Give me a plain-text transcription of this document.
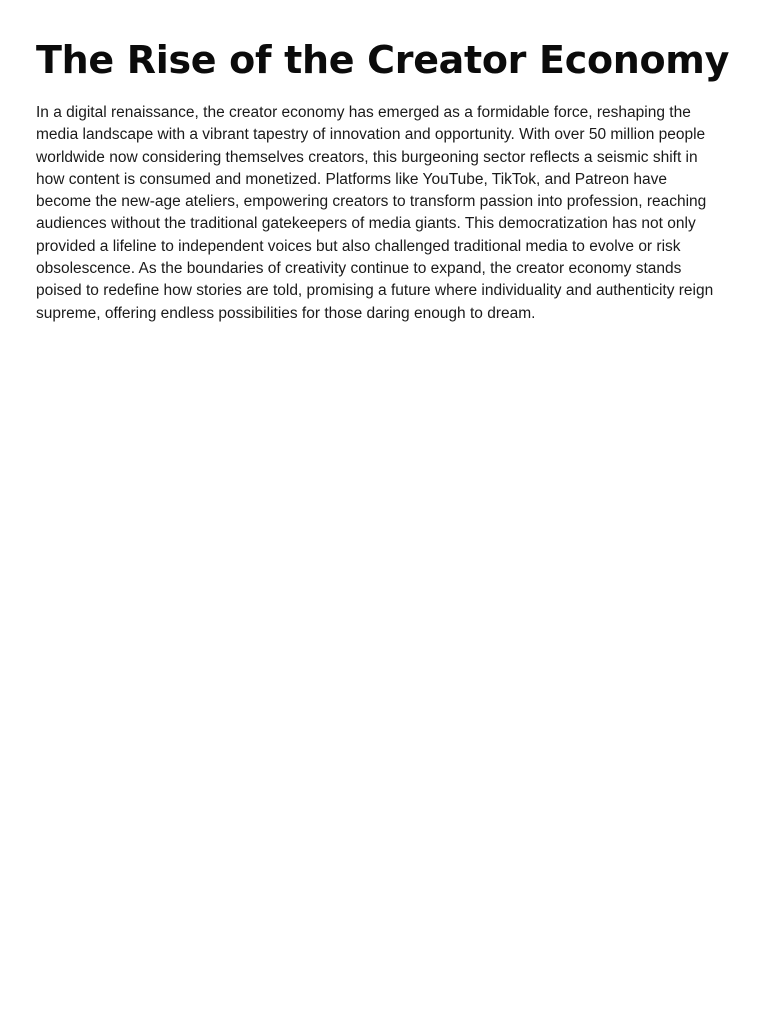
The Rise of the Creator Economy

In a digital renaissance, the creator economy has emerged as a formidable force, reshaping the media landscape with a vibrant tapestry of innovation and opportunity. With over 50 million people worldwide now considering themselves creators, this burgeoning sector reflects a seismic shift in how content is consumed and monetized. Platforms like YouTube, TikTok, and Patreon have become the new-age ateliers, empowering creators to transform passion into profession, reaching audiences without the traditional gatekeepers of media giants. This democratization has not only provided a lifeline to independent voices but also challenged traditional media to evolve or risk obsolescence. As the boundaries of creativity continue to expand, the creator economy stands poised to redefine how stories are told, promising a future where individuality and authenticity reign supreme, offering endless possibilities for those daring enough to dream.
